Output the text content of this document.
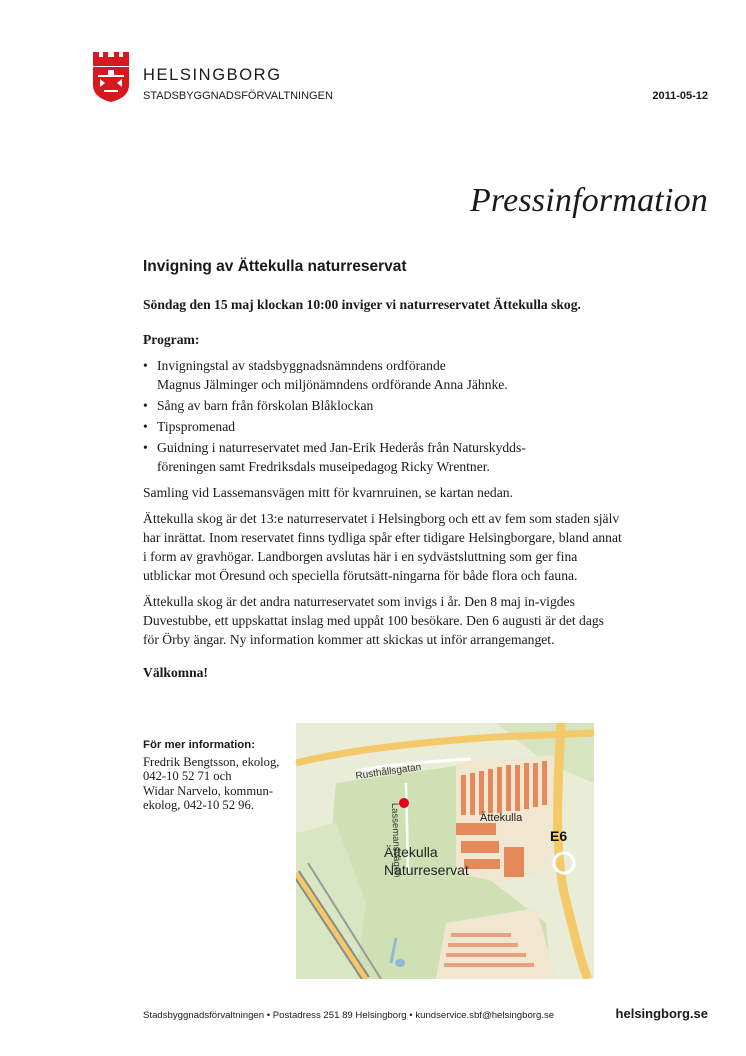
HELSINGBORG
STADSBYGGNADSFÖRVALTNINGEN	2011-05-12
Pressinformation
Invigning av Ättekulla naturreservat

Söndag den 15 maj klockan 10:00 inviger vi naturreservatet Ättekulla skog.

Program:

• Invigningstal av stadsbyggnadsnämndens ordförande
Magnus Jälminger och miljönämndens ordförande Anna Jähnke.
• Sång av barn från förskolan Blåklockan
• Tipspromenad
• Guidning i naturreservatet med Jan-Erik Hederås från Naturskydds-
föreningen samt Fredriksdals museipedagog Ricky Wrentner.

Samling vid Lassemansvägen mitt för kvarnruinen, se kartan nedan.

Ättekulla skog är det 13:e naturreservatet i Helsingborg och ett av fem som staden själv har inrättat. Inom reservatet finns tydliga spår efter tidigare Helsingborgare, bland annat i form av gravhögar. Landborgen avslutas här i en sydvästsluttning som ger fina utblickar mot Öresund och speciella förutsätt-ningarna för både flora och fauna.

Ättekulla skog är det andra naturreservatet som invigs i år. Den 8 maj in-vigdes Duvestubbe, ett uppskattat inslag med uppåt 100 besökare. Den 6 augusti är det dags för Örby ängar. Ny information kommer att skickas ut inför arrangemanget.

Välkomna!

För mer information:
Fredrik Bengtsson, ekolog,
042-10 52 71 och
Widar Narvelo, kommun-
ekolog, 042-10 52 96.
Rusthållsgatan
Lassemansvägen	Ättekulla
E6
Ättekulla
Naturreservat
Stadsbyggnadsförvaltningen • Postadress 251 89 Helsingborg • kundservice.sbf@helsingborg.se	helsingborg.se
